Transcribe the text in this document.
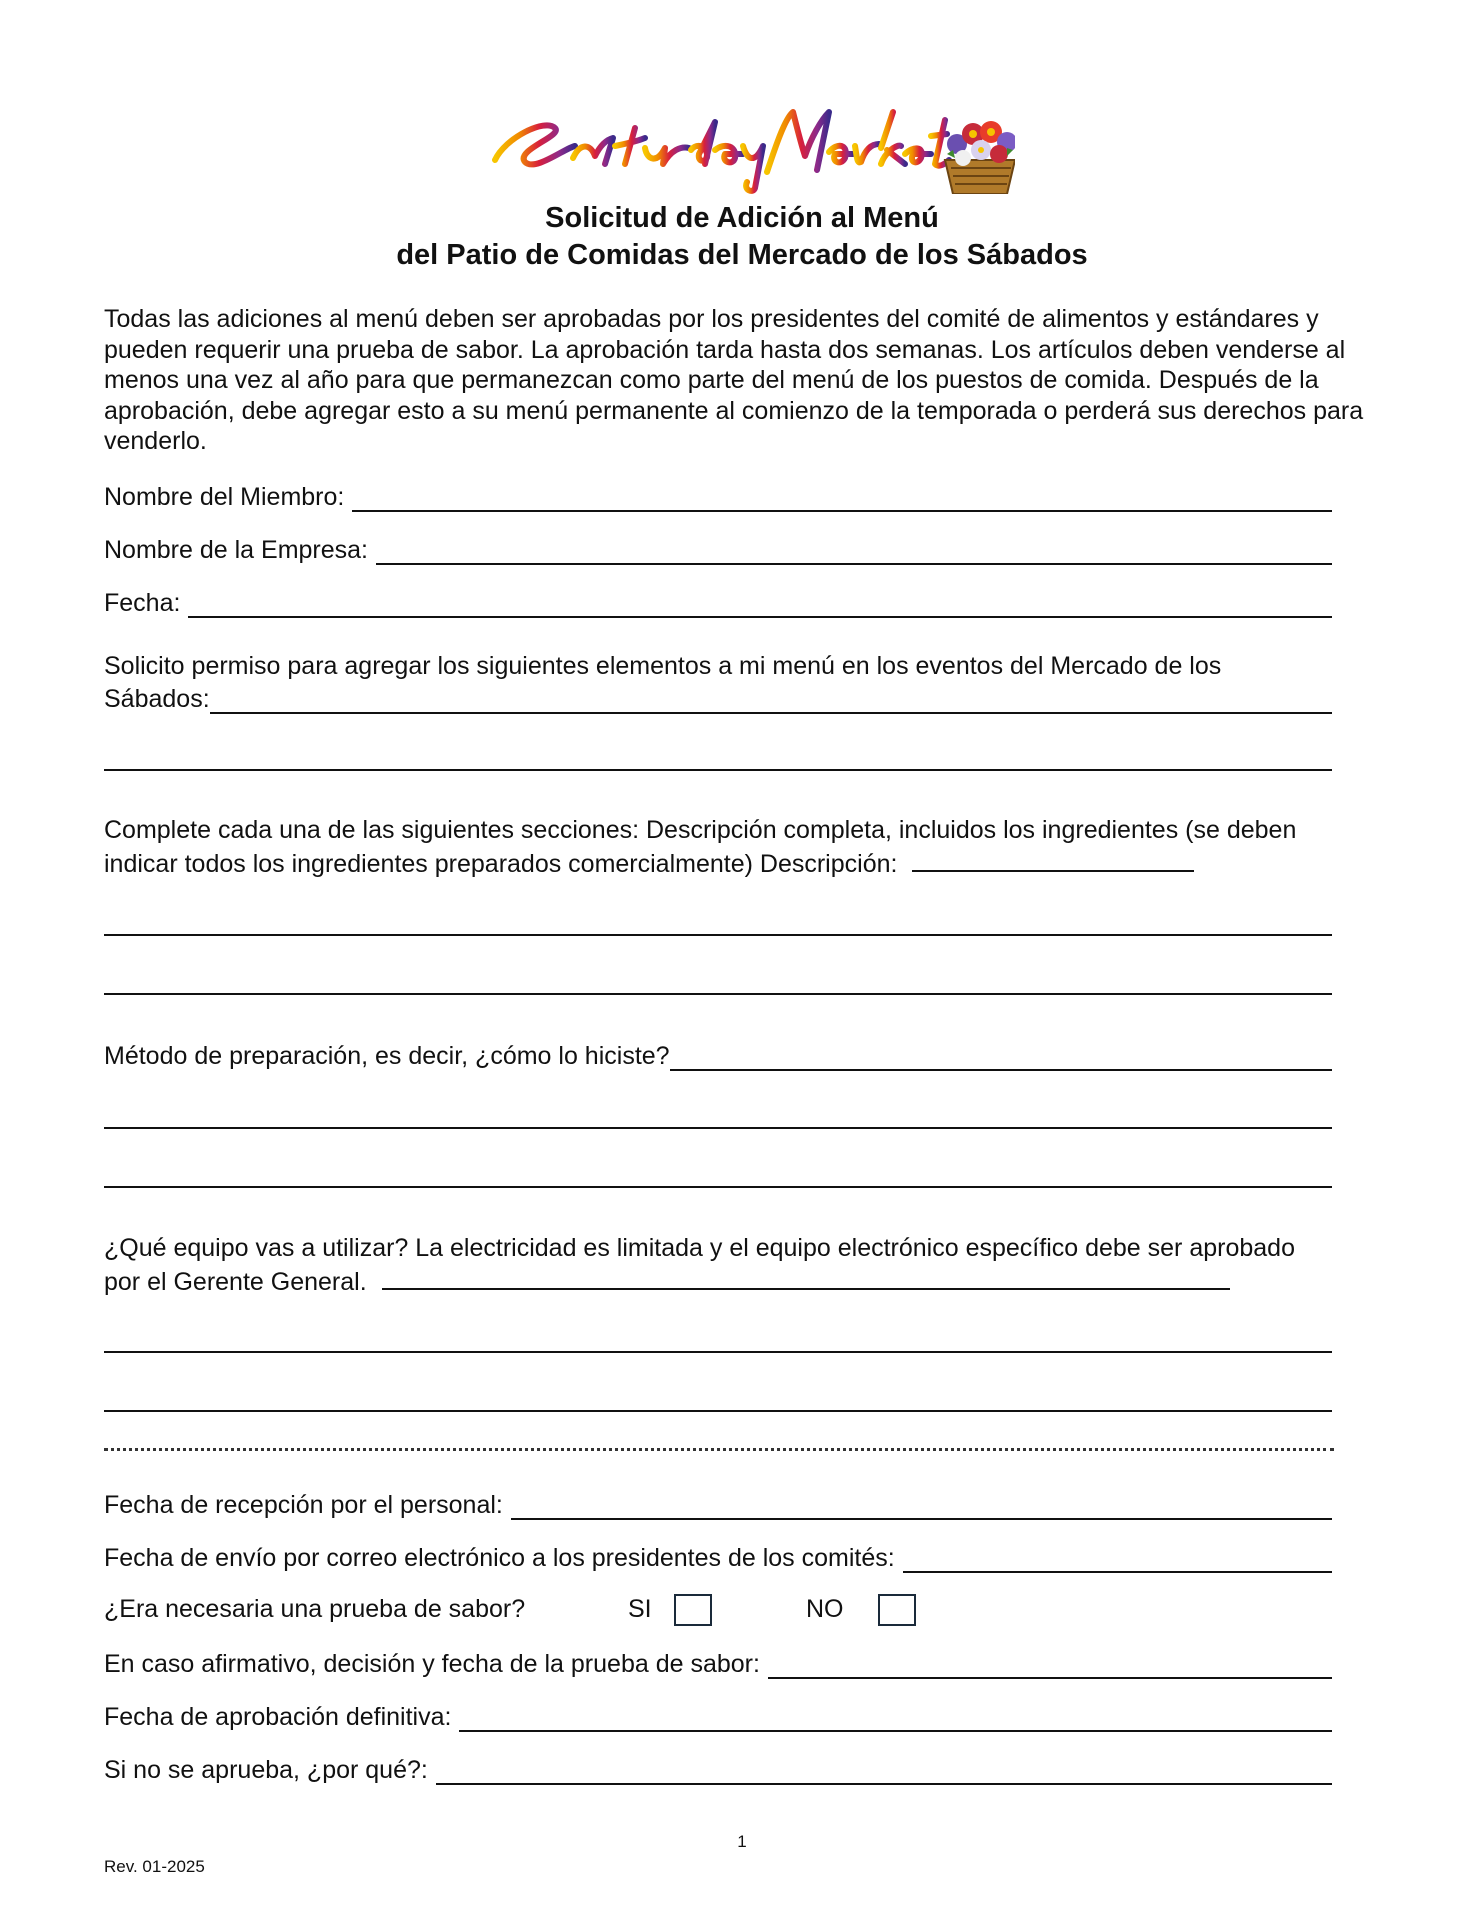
Solicitud de Adición al Menú
del Patio de Comidas del Mercado de los Sábados
Todas las adiciones al menú deben ser aprobadas por los presidentes del comité de alimentos y estándares y pueden requerir una prueba de sabor. La aprobación tarda hasta dos semanas. Los artículos deben venderse al menos una vez al año para que permanezcan como parte del menú de los puestos de comida. Después de la aprobación, debe agregar esto a su menú permanente al comienzo de la temporada o perderá sus derechos para venderlo.
Nombre del Miembro:
Nombre de la Empresa:
Fecha:
Solicito permiso para agregar los siguientes elementos a mi menú en los eventos del Mercado de los
Sábados:
Complete cada una de las siguientes secciones: Descripción completa, incluidos los ingredientes (se deben
indicar todos los ingredientes preparados comercialmente) Descripción:
Método de preparación, es decir, ¿cómo lo hiciste?
¿Qué equipo vas a utilizar? La electricidad es limitada y el equipo electrónico específico debe ser aprobado
por el Gerente General.
Fecha de recepción por el personal:
Fecha de envío por correo electrónico a los presidentes de los comités:
¿Era necesaria una prueba de sabor?	SI	NO
En caso afirmativo, decisión y fecha de la prueba de sabor:
Fecha de aprobación definitiva:
Si no se aprueba, ¿por qué?:
1
Rev. 01-2025
